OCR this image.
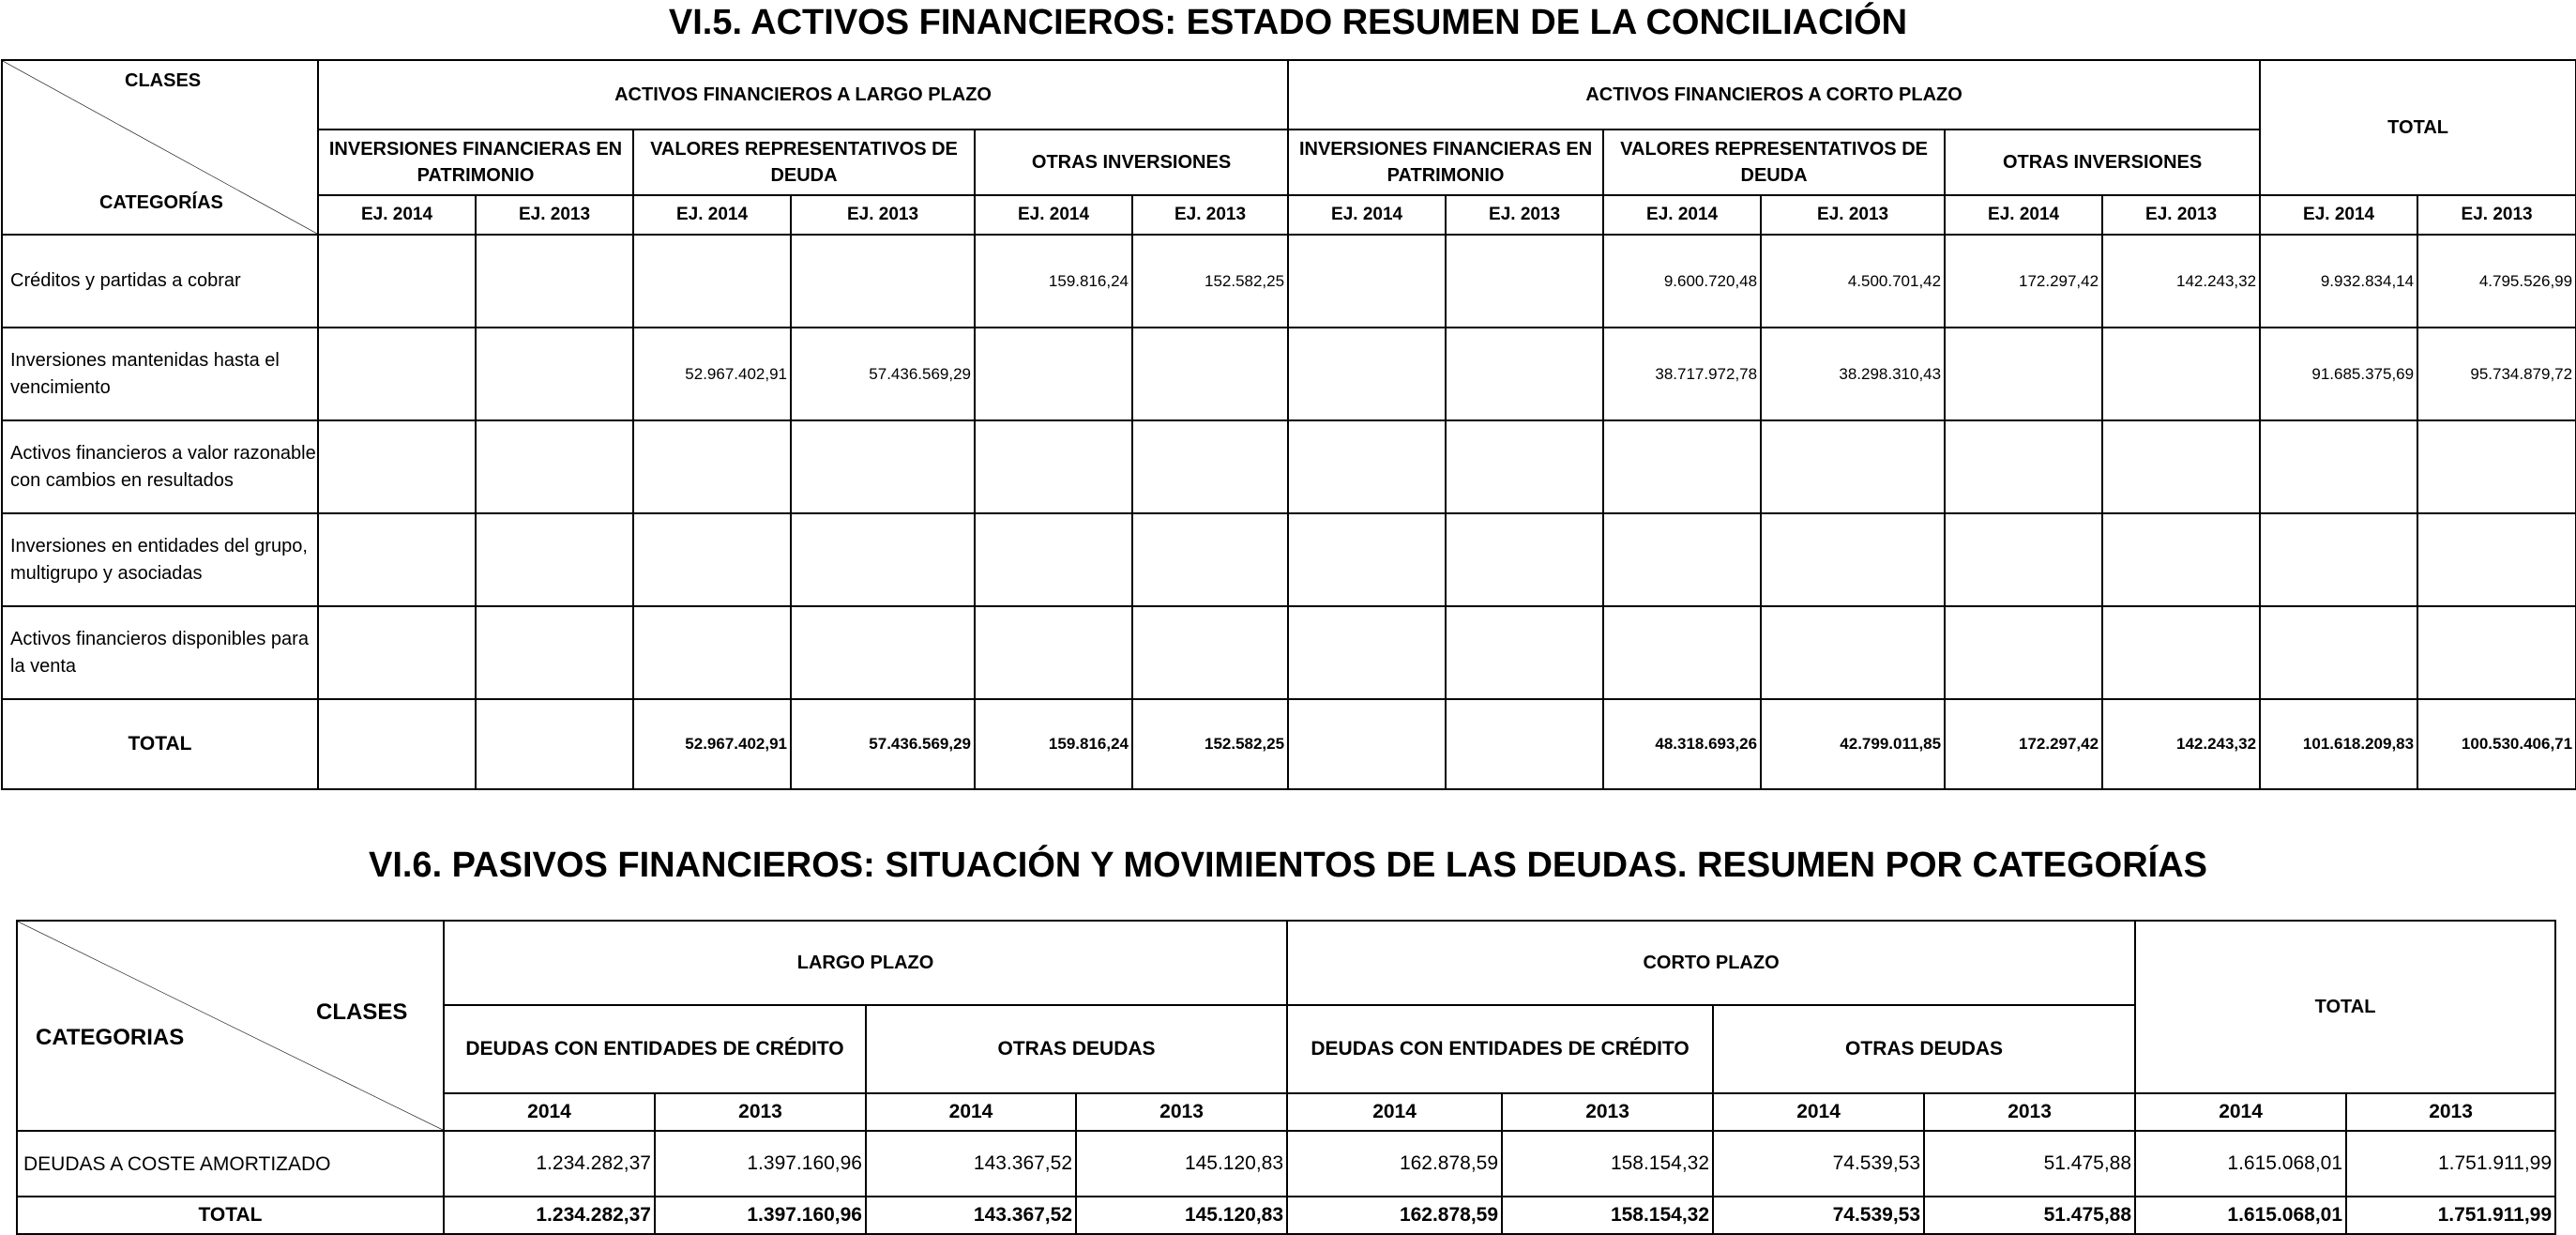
VI.5. ACTIVOS FINANCIEROS: ESTADO RESUMEN DE LA CONCILIACIÓN
CLASES
CATEGORÍAS	ACTIVOS FINANCIEROS A LARGO PLAZO						ACTIVOS FINANCIEROS A CORTO PLAZO						TOTAL	
	INVERSIONES FINANCIERAS EN PATRIMONIO		VALORES REPRESENTATIVOS DE DEUDA		OTRAS INVERSIONES		INVERSIONES FINANCIERAS EN PATRIMONIO		VALORES REPRESENTATIVOS DE DEUDA		OTRAS INVERSIONES			
	EJ. 2014	EJ. 2013	EJ. 2014	EJ. 2013	EJ. 2014	EJ. 2013	EJ. 2014	EJ. 2013	EJ. 2014	EJ. 2013	EJ. 2014	EJ. 2013	EJ. 2014	EJ. 2013
Créditos y partidas a cobrar					159.816,24	152.582,25			9.600.720,48	4.500.701,42	172.297,42	142.243,32	9.932.834,14	4.795.526,99
Inversiones mantenidas hasta el vencimiento			52.967.402,91	57.436.569,29					38.717.972,78	38.298.310,43			91.685.375,69	95.734.879,72
Activos financieros a valor razonable con cambios en resultados														
Inversiones en entidades del grupo, multigrupo y asociadas														
Activos financieros disponibles para la venta														
TOTAL			52.967.402,91	57.436.569,29	159.816,24	152.582,25			48.318.693,26	42.799.011,85	172.297,42	142.243,32	101.618.209,83	100.530.406,71
VI.6. PASIVOS FINANCIEROS: SITUACIÓN Y MOVIMIENTOS DE LAS DEUDAS. RESUMEN POR CATEGORÍAS
CLASES
CATEGORIAS	LARGO PLAZO				CORTO PLAZO				TOTAL	
	DEUDAS CON ENTIDADES DE CRÉDITO		OTRAS DEUDAS		DEUDAS CON ENTIDADES DE CRÉDITO		OTRAS DEUDAS			
	2014	2013	2014	2013	2014	2013	2014	2013	2014	2013
DEUDAS A COSTE AMORTIZADO	1.234.282,37	1.397.160,96	143.367,52	145.120,83	162.878,59	158.154,32	74.539,53	51.475,88	1.615.068,01	1.751.911,99
TOTAL	1.234.282,37	1.397.160,96	143.367,52	145.120,83	162.878,59	158.154,32	74.539,53	51.475,88	1.615.068,01	1.751.911,99
